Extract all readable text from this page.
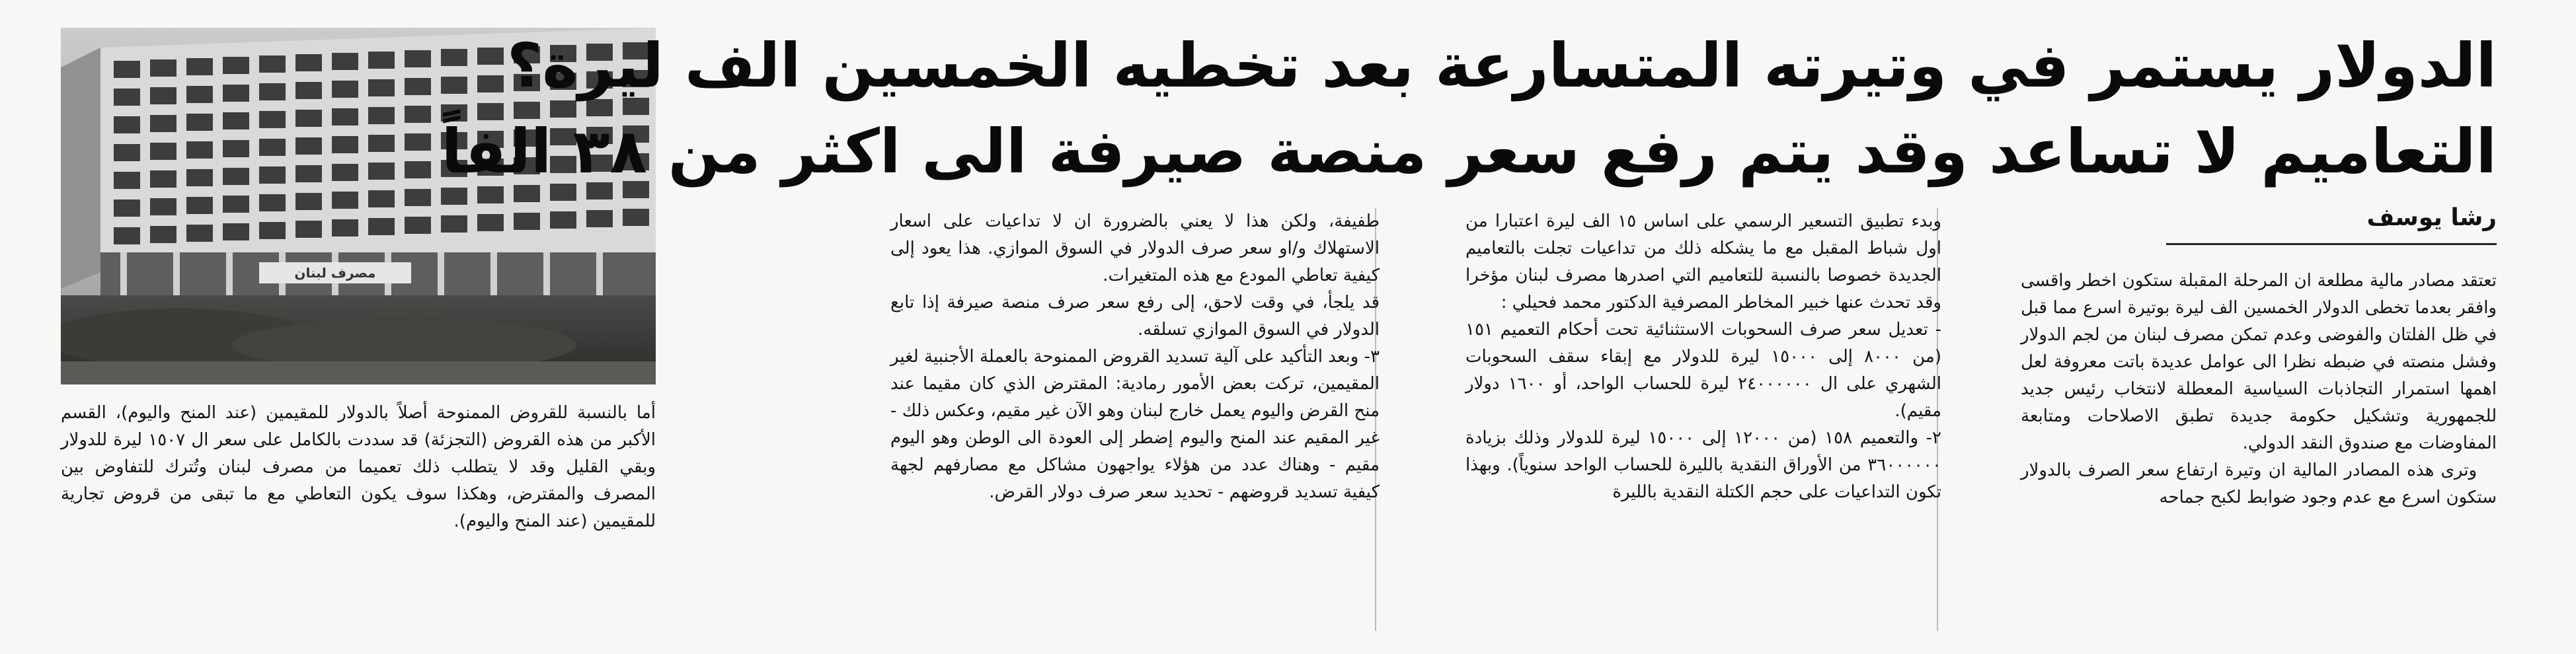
مصرف لبنان
الدولار يستمر في وتيرته المتسارعة بعد تخطيه الخمسين الف ليرة؟
التعاميم لا تساعد وقد يتم رفع سعر منصة صيرفة الى اكثر من ٣٨ الفاً
رشا يوسف

تعتقد مصادر مالية مطلعة ان المرحلة المقبلة ستكون اخطر واقسى وافقر بعدما تخطى الدولار الخمسين الف ليرة بوتيرة اسرع مما قبل في ظل الفلتان والفوضى وعدم تمكن مصرف لبنان من لجم الدولار وفشل منصته في ضبطه نظرا الى عوامل عديدة باتت معروفة لعل اهمها استمرار التجاذبات السياسية المعطلة لانتخاب رئيس جديد للجمهورية وتشكيل حكومة جديدة تطبق الاصلاحات ومتابعة المفاوضات مع صندوق النقد الدولي.

وترى هذه المصادر المالية ان وتيرة ارتفاع سعر الصرف بالدولار ستكون اسرع مع عدم وجود ضوابط لكبح جماحه

وبدء تطبيق التسعير الرسمي على اساس ١٥ الف ليرة اعتبارا من اول شباط المقبل مع ما يشكله ذلك من تداعيات تجلت بالتعاميم الجديدة خصوصا بالنسبة للتعاميم التي اصدرها مصرف لبنان مؤخرا وقد تحدث عنها خبير المخاطر المصرفية الدكتور محمد فحيلي :

- تعديل سعر صرف السحوبات الاستثنائية تحت أحكام التعميم ١٥١ (من ٨٠٠٠ إلى ١٥٠٠٠ ليرة للدولار مع إبقاء سقف السحوبات الشهري على ال ٢٤٠٠٠٠٠٠ ليرة للحساب الواحد، أو ١٦٠٠ دولار مقيم).

٢- والتعميم ١٥٨ (من ١٢٠٠٠ إلى ١٥٠٠٠ ليرة للدولار وذلك بزيادة ٣٦٠٠٠٠٠٠ من الأوراق النقدية بالليرة للحساب الواحد سنوياً). وبهذا تكون التداعيات على حجم الكتلة النقدية بالليرة

طفيفة، ولكن هذا لا يعني بالضرورة ان لا تداعيات على اسعار الاستهلاك و/او سعر صرف الدولار في السوق الموازي. هذا يعود إلى كيفية تعاطي المودع مع هذه المتغيرات.

قد يلجأ، في وقت لاحق، إلى رفع سعر صرف منصة صيرفة إذا تابع الدولار في السوق الموازي تسلقه.

٣- وبعد التأكيد على آلية تسديد القروض الممنوحة بالعملة الأجنبية لغير المقيمين، تركت بعض الأمور رمادية: المقترض الذي كان مقيما عند منح القرض واليوم يعمل خارج لبنان وهو الآن غير مقيم، وعكس ذلك - غير المقيم عند المنح واليوم إضطر إلى العودة الى الوطن وهو اليوم مقيم - وهناك عدد من هؤلاء يواجهون مشاكل مع مصارفهم لجهة كيفية تسديد قروضهم - تحديد سعر صرف دولار القرض.

أما بالنسبة للقروض الممنوحة أصلاً بالدولار للمقيمين (عند المنح واليوم)، القسم الأكبر من هذه القروض (التجزئة) قد سددت بالكامل على سعر ال ١٥٠٧ ليرة للدولار وبقي القليل وقد لا يتطلب ذلك تعميما من مصرف لبنان وتُترك للتفاوض بين المصرف والمقترض، وهكذا سوف يكون التعاطي مع ما تبقى من قروض تجارية للمقيمين (عند المنح واليوم).
